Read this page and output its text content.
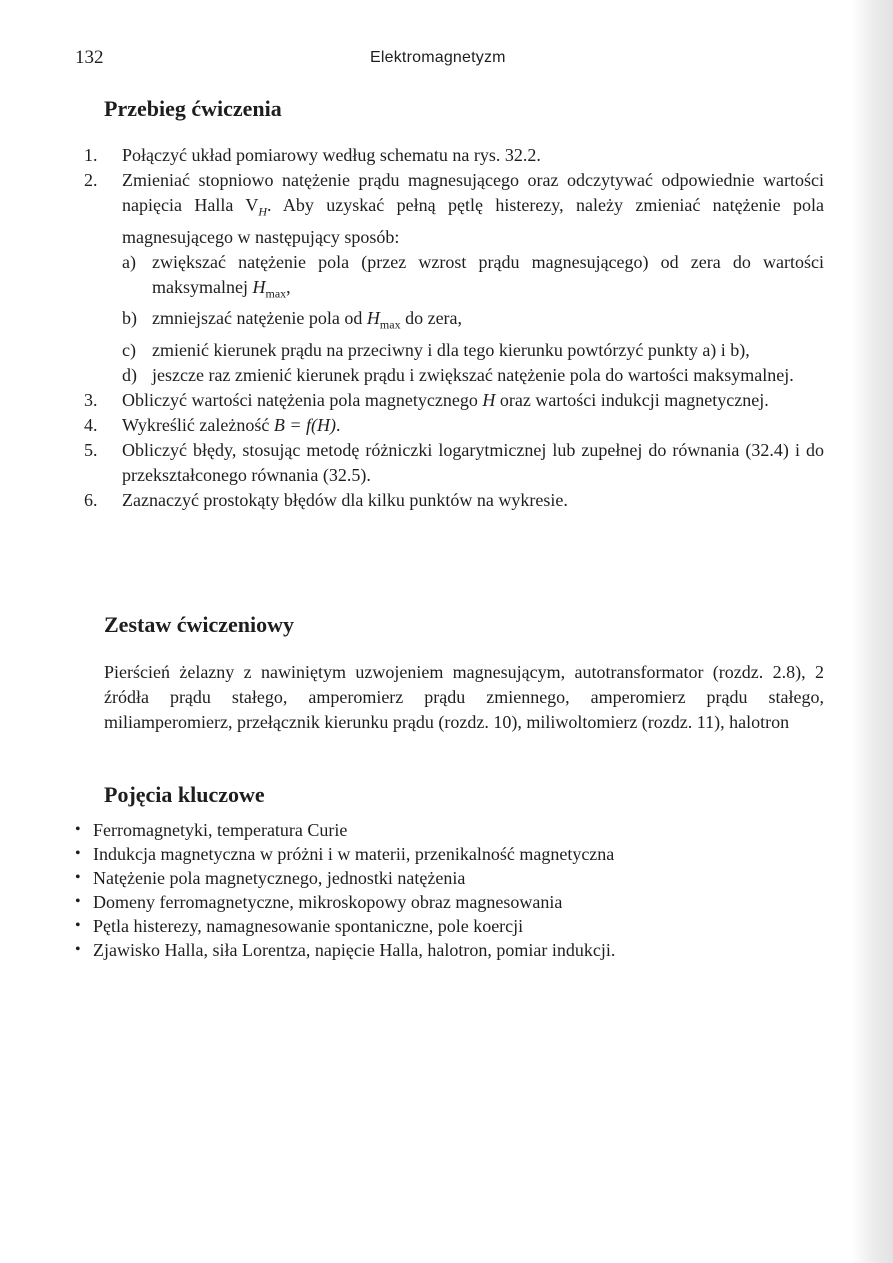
132	Elektromagnetyzm
Przebieg ćwiczenia
1. Połączyć układ pomiarowy według schematu na rys. 32.2.
2. Zmieniać stopniowo natężenie prądu magnesującego oraz odczytywać odpowiednie wartości napięcia Halla $V_H$. Aby uzyskać pełną pętlę histerezy, należy zmieniać natężenie pola magnesującego w następujący sposób:
a) zwiększać natężenie pola (przez wzrost prądu magnesującego) od zera do wartości maksymalnej $H_{max}$,
b) zmniejszać natężenie pola od $H_{max}$ do zera,
c) zmienić kierunek prądu na przeciwny i dla tego kierunku powtórzyć punkty a) i b),
d) jeszcze raz zmienić kierunek prądu i zwiększać natężenie pola do wartości maksymalnej.
3. Obliczyć wartości natężenia pola magnetycznego H oraz wartości indukcji magnetycznej.
4. Wykreślić zależność B = f(H).
5. Obliczyć błędy, stosując metodę różniczki logarytmicznej lub zupełnej do równania (32.4) i do przekształconego równania (32.5).
6. Zaznaczyć prostokąty błędów dla kilku punktów na wykresie.
Zestaw ćwiczeniowy

Pierścień żelazny z nawiniętym uzwojeniem magnesującym, autotransformator (rozdz. 2.8), 2 źródła prądu stałego, amperomierz prądu zmiennego, amperomierz prądu stałego, miliamperomierz, przełącznik kierunku prądu (rozdz. 10), miliwoltomierz (rozdz. 11), halotron

Pojęcia kluczowe
• Ferromagnetyki, temperatura Curie
• Indukcja magnetyczna w próżni i w materii, przenikalność magnetyczna
• Natężenie pola magnetycznego, jednostki natężenia
• Domeny ferromagnetyczne, mikroskopowy obraz magnesowania
• Pętla histerezy, namagnesowanie spontaniczne, pole koercji
• Zjawisko Halla, siła Lorentza, napięcie Halla, halotron, pomiar indukcji.
